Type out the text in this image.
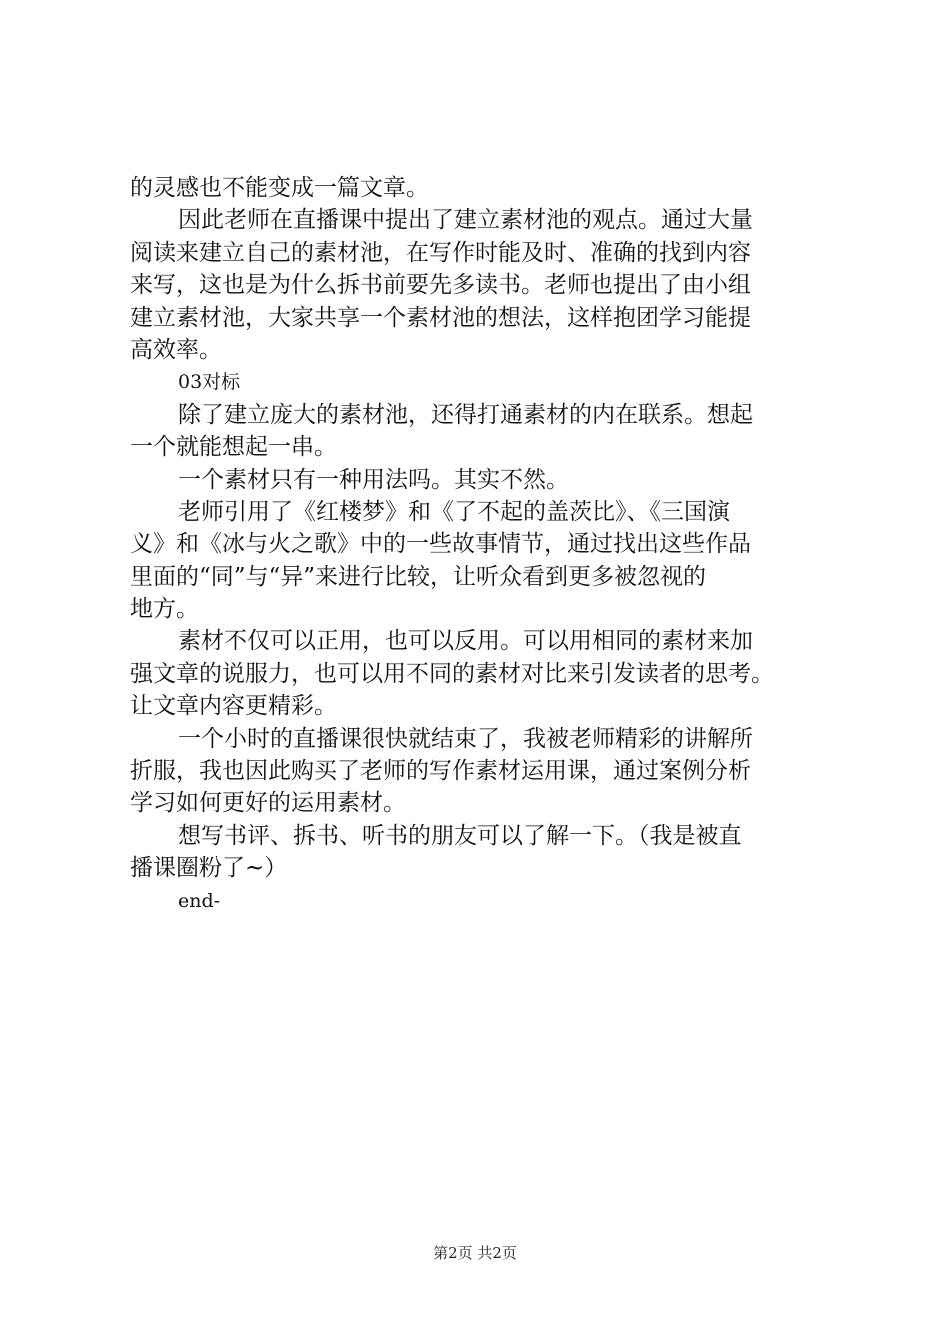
的灵感也不能变成一篇文章。
因此老师在直播课中提出了建立素材池的观点。通过大量
阅读来建立自己的素材池，在写作时能及时、准确的找到内容
来写，这也是为什么拆书前要先多读书。老师也提出了由小组
建立素材池，大家共享一个素材池的想法，这样抱团学习能提
高效率。
03对标
除了建立庞大的素材池，还得打通素材的内在联系。想起
一个就能想起一串。
一个素材只有一种用法吗。其实不然。
老师引用了《红楼梦》和《了不起的盖茨比》、《三国演
义》和《冰与火之歌》中的一些故事情节，通过找出这些作品
里面的“同”与“异”来进行比较，让听众看到更多被忽视的
地方。
素材不仅可以正用，也可以反用。可以用相同的素材来加
强文章的说服力，也可以用不同的素材对比来引发读者的思考。
让文章内容更精彩。
一个小时的直播课很快就结束了，我被老师精彩的讲解所
折服，我也因此购买了老师的写作素材运用课，通过案例分析
学习如何更好的运用素材。
想写书评、拆书、听书的朋友可以了解一下。（我是被直
播课圈粉了~）
end-
第2页 共2页
